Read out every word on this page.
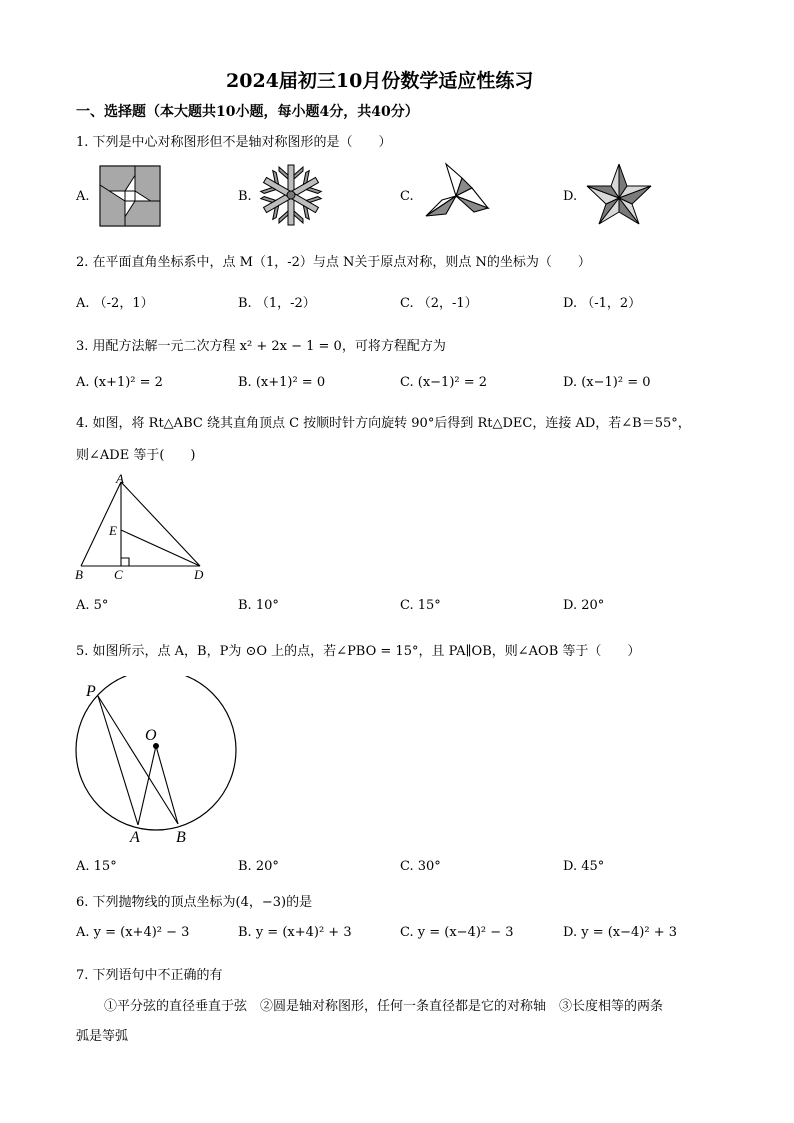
2024届初三10月份数学适应性练习
一、选择题（本大题共10小题，每小题4分，共40分）
1. 下列是中心对称图形但不是轴对称图形的是（　　）
A.	B.	C.	D.
2. 在平面直角坐标系中，点 M（1，-2）与点 N关于原点对称，则点 N的坐标为（　　）
A. （-2，1）	B. （1，-2）	C. （2，-1）	D. （-1，2）
3. 用配方法解一元二次方程 x² + 2x − 1 = 0，可将方程配方为
A. (x+1)² = 2	B. (x+1)² = 0	C. (x−1)² = 2	D. (x−1)² = 0
4. 如图，将 Rt△ABC 绕其直角顶点 C 按顺时针方向旋转 90°后得到 Rt△DEC，连接 AD，若∠B＝55°，
则∠ADE 等于(　　)
A
E
B C	D
A. 5°	B. 10°	C. 15°	D. 20°
5. 如图所示，点 A，B，P为 ⊙O 上的点，若∠PBO = 15°，且 PA∥OB，则∠AOB 等于（　　）
P
O
A B
A. 15°	B. 20°	C. 30°	D. 45°
6. 下列抛物线的顶点坐标为(4，−3)的是
A. y = (x+4)² − 3	B. y = (x+4)² + 3	C. y = (x−4)² − 3	D. y = (x−4)² + 3
7. 下列语句中不正确的有
①平分弦的直径垂直于弦　②圆是轴对称图形，任何一条直径都是它的对称轴　③长度相等的两条
弧是等弧
